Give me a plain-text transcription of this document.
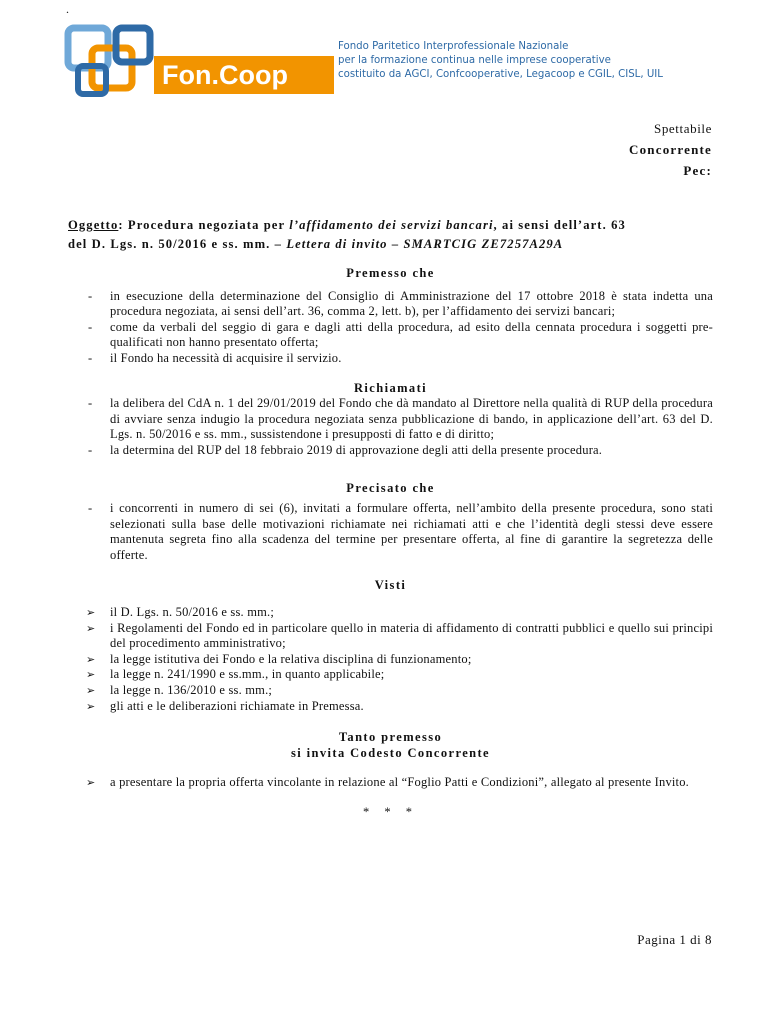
.
Fon.Coop
Fondo Paritetico Interprofessionale Nazionale
per la formazione continua nelle imprese cooperative
costituito da AGCI, Confcooperative, Legacoop e CGIL, CISL, UIL
Spettabile
Concorrente
Pec:
Oggetto: Procedura negoziata per l’affidamento dei servizi bancari, ai sensi dell’art. 63
del D. Lgs. n. 50/2016 e ss. mm. – Lettera di invito – SMARTCIG ZE7257A29A
Premesso che
-	in esecuzione della determinazione del Consiglio di Amministrazione del 17 ottobre 2018 è stata indetta una procedura negoziata, ai sensi dell’art. 36, comma 2, lett. b), per l’affidamento dei servizi bancari;
-	come da verbali del seggio di gara e dagli atti della procedura, ad esito della cennata procedura i soggetti pre-qualificati non hanno presentato offerta;
-	il Fondo ha necessità di acquisire il servizio.
Richiamati
-	la delibera del CdA n. 1 del 29/01/2019 del Fondo che dà mandato al Direttore nella qualità di RUP della procedura di avviare senza indugio la procedura negoziata senza pubblicazione di bando, in applicazione dell’art. 63 del D. Lgs. n. 50/2016 e ss. mm., sussistendone i presupposti di fatto e di diritto;
-	la determina del RUP del 18 febbraio 2019 di approvazione degli atti della presente procedura.
Precisato che
-	i concorrenti in numero di sei (6), invitati a formulare offerta, nell’ambito della presente procedura, sono stati selezionati sulla base delle motivazioni richiamate nei richiamati atti e che l’identità degli stessi deve essere mantenuta segreta fino alla scadenza del termine per presentare offerta, al fine di garantire la segretezza delle offerte.
Visti
➢	il D. Lgs. n. 50/2016 e ss. mm.;
➢	i Regolamenti del Fondo ed in particolare quello in materia di affidamento di contratti pubblici e quello sui principi del procedimento amministrativo;
➢	la legge istitutiva dei Fondo e la relativa disciplina di funzionamento;
➢	la legge n. 241/1990 e ss.mm., in quanto applicabile;
➢	la legge n. 136/2010 e ss. mm.;
➢	gli atti e le deliberazioni richiamate in Premessa.
Tanto premesso
si invita Codesto Concorrente
➢	a presentare la propria offerta vincolante in relazione al “Foglio Patti e Condizioni”, allegato al presente Invito.
* * *
Pagina 1 di 8
